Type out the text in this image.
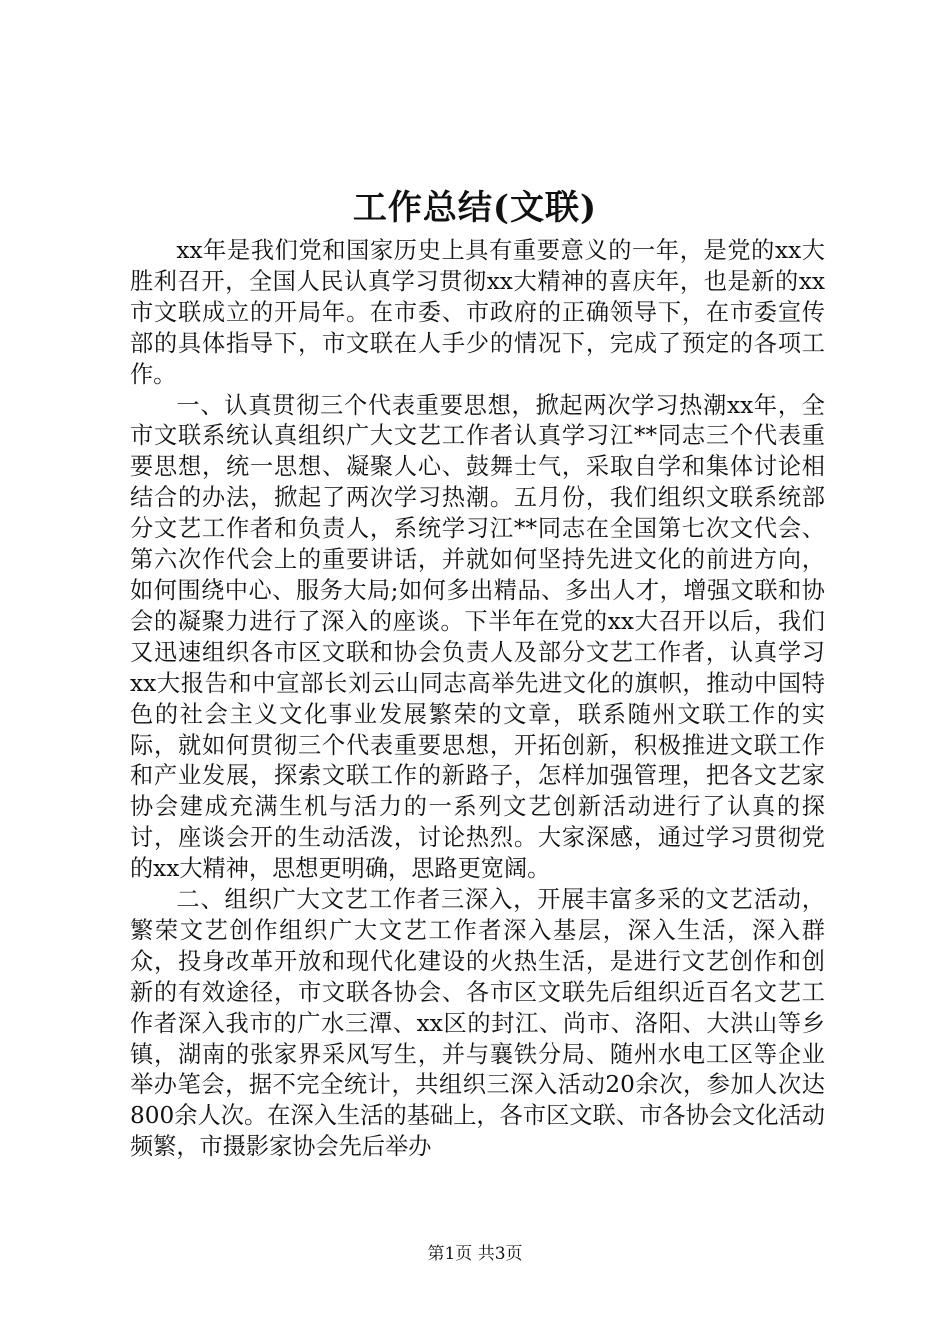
工作总结(文联)

xx年是我们党和国家历史上具有重要意义的一年，是党的xx大胜利召开，全国人民认真学习贯彻xx大精神的喜庆年，也是新的xx市文联成立的开局年。在市委、市政府的正确领导下，在市委宣传部的具体指导下，市文联在人手少的情况下，完成了预定的各项工作。

一、认真贯彻三个代表重要思想，掀起两次学习热潮xx年，全市文联系统认真组织广大文艺工作者认真学习江**同志三个代表重要思想，统一思想、凝聚人心、鼓舞士气，采取自学和集体讨论相结合的办法，掀起了两次学习热潮。五月份，我们组织文联系统部分文艺工作者和负责人，系统学习江**同志在全国第七次文代会、第六次作代会上的重要讲话，并就如何坚持先进文化的前进方向，如何围绕中心、服务大局;如何多出精品、多出人才，增强文联和协会的凝聚力进行了深入的座谈。下半年在党的xx大召开以后，我们又迅速组织各市区文联和协会负责人及部分文艺工作者，认真学习xx大报告和中宣部长刘云山同志高举先进文化的旗帜，推动中国特色的社会主义文化事业发展繁荣的文章，联系随州文联工作的实际，就如何贯彻三个代表重要思想，开拓创新，积极推进文联工作和产业发展，探索文联工作的新路子，怎样加强管理，把各文艺家协会建成充满生机与活力的一系列文艺创新活动进行了认真的探讨，座谈会开的生动活泼，讨论热烈。大家深感，通过学习贯彻党的xx大精神，思想更明确，思路更宽阔。

二、组织广大文艺工作者三深入，开展丰富多采的文艺活动，繁荣文艺创作组织广大文艺工作者深入基层，深入生活，深入群众，投身改革开放和现代化建设的火热生活，是进行文艺创作和创新的有效途径，市文联各协会、各市区文联先后组织近百名文艺工作者深入我市的广水三潭、xx区的封江、尚市、洛阳、大洪山等乡镇，湖南的张家界采风写生，并与襄铁分局、随州水电工区等企业举办笔会，据不完全统计，共组织三深入活动20余次，参加人次达800余人次。在深入生活的基础上，各市区文联、市各协会文化活动频繁，市摄影家协会先后举办

第1页 共3页
